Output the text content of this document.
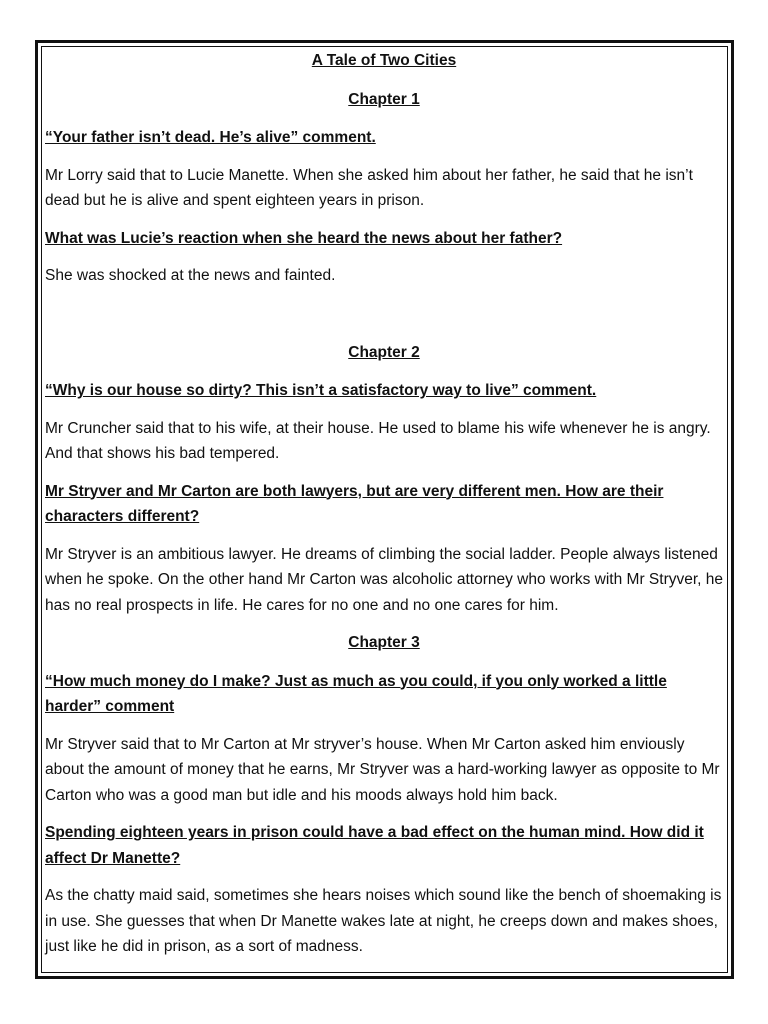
A Tale of Two Cities

Chapter 1

“Your father isn’t dead. He’s alive” comment.

Mr Lorry said that to Lucie Manette. When she asked him about her father, he said that he isn’t dead but he is alive and spent eighteen years in prison.

What was Lucie’s reaction when she heard the news about her father?

She was shocked at the news and fainted.

Chapter 2

“Why is our house so dirty? This isn’t a satisfactory way to live” comment.

Mr Cruncher said that to his wife, at their house. He used to blame his wife whenever he is angry. And that shows his bad tempered.

Mr Stryver and Mr Carton are both lawyers, but are very different men. How are their characters different?

Mr Stryver is an ambitious lawyer. He dreams of climbing the social ladder. People always listened when he spoke. On the other hand Mr Carton was alcoholic attorney who works with Mr Stryver, he has no real prospects in life. He cares for no one and no one cares for him.

Chapter 3

“How much money do I make? Just as much as you could, if you only worked a little harder” comment

Mr Stryver said that to Mr Carton at Mr stryver’s house. When Mr Carton asked him enviously about the amount of money that he earns, Mr Stryver was a hard-working lawyer as opposite to Mr Carton who was a good man but idle and his moods always hold him back.

Spending eighteen years in prison could have a bad effect on the human mind. How did it affect Dr Manette?

As the chatty maid said, sometimes she hears noises which sound like the bench of shoemaking is in use. She guesses that when Dr Manette wakes late at night, he creeps down and makes shoes, just like he did in prison, as a sort of madness.
